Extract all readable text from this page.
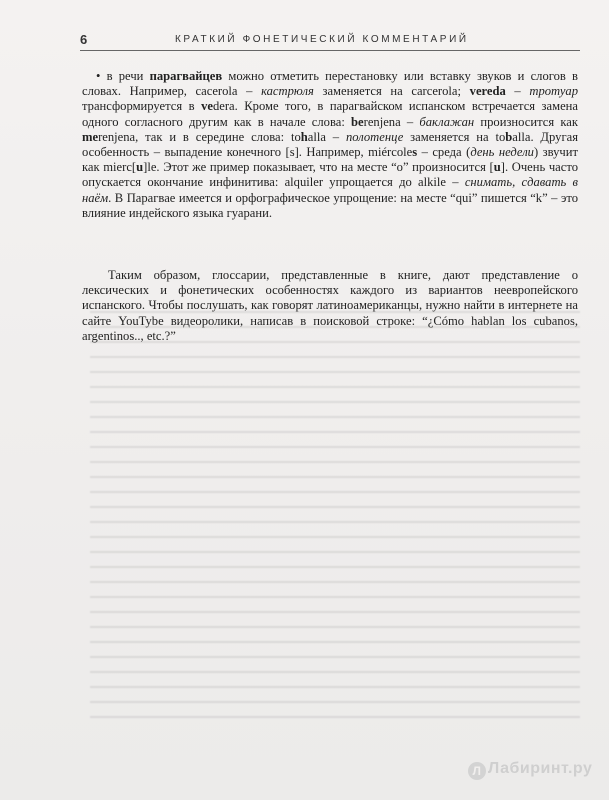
6	КРАТКИЙ ФОНЕТИЧЕСКИЙ КОММЕНТАРИЙ
• в речи парагвайцев можно отметить перестановку или вставку звуков и слогов в словах. Например, cacerola – кастрюля заменяется на carcerola; vereda – тротуар трансформируется в vedera. Кроме того, в парагвайском испанском встречается замена одного согласного другим как в начале слова: berenjena – баклажан произносится как merenjena, так и в середине слова: tohalla – полотенце заменяется на toballa. Другая особенность – выпадение конечного [s]. Например, miércoles – среда (день недели) звучит как mierc[u]le. Этот же пример показывает, что на месте “o” произносится [u]. Очень часто опускается окончание инфинитива: alquiler упрощается до alkile – снимать, сдавать в наём. В Парагвае имеется и орфографическое упрощение: на месте “qui” пишется “k” – это влияние индейского языка гуарани.
Таким образом, глоссарии, представленные в книге, дают представление о лексических и фонетических особенностях каждого из вариантов неевропейского испанского. Чтобы послушать, как говорят латиноамериканцы, нужно найти в интернете на сайте YouTybe видеоролики, написав в поисковой строке: “¿Cómo hablan los cubanos, argentinos.., etc.?”
Л Лабиринт.ру
